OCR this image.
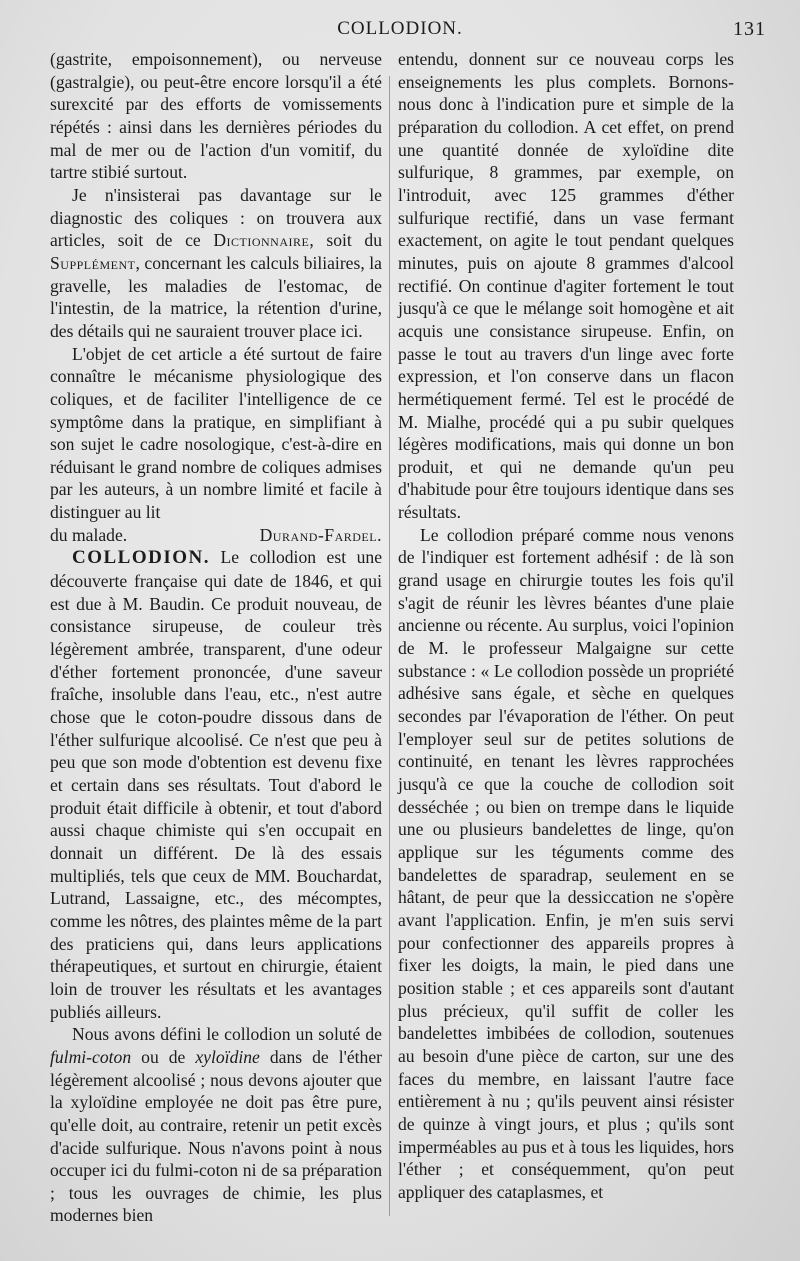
COLLODION.	131

(gastrite, empoisonnement), ou nerveuse (gastralgie), ou peut-être encore lorsqu'il a été surexcité par des efforts de vomissements répétés : ainsi dans les dernières périodes du mal de mer ou de l'action d'un vomitif, du tartre stibié surtout.

Je n'insisterai pas davantage sur le diagnostic des coliques : on trouvera aux articles, soit de ce Dictionnaire, soit du Supplément, concernant les calculs biliaires, la gravelle, les maladies de l'estomac, de l'intestin, de la matrice, la rétention d'urine, des détails qui ne sauraient trouver place ici.

L'objet de cet article a été surtout de faire connaître le mécanisme physiologique des coliques, et de faciliter l'intelligence de ce symptôme dans la pratique, en simplifiant à son sujet le cadre nosologique, c'est-à-dire en réduisant le grand nombre de coliques admises par les auteurs, à un nombre limité et facile à distinguer au lit

du malade.	Durand-Fardel.

COLLODION. Le collodion est une découverte française qui date de 1846, et qui est due à M. Baudin. Ce produit nouveau, de consistance sirupeuse, de couleur très légèrement ambrée, transparent, d'une odeur d'éther fortement prononcée, d'une saveur fraîche, insoluble dans l'eau, etc., n'est autre chose que le coton-poudre dissous dans de l'éther sulfurique alcoolisé. Ce n'est que peu à peu que son mode d'obtention est devenu fixe et certain dans ses résultats. Tout d'abord le produit était difficile à obtenir, et tout d'abord aussi chaque chimiste qui s'en occupait en donnait un différent. De là des essais multipliés, tels que ceux de MM. Bouchardat, Lutrand, Lassaigne, etc., des mécomptes, comme les nôtres, des plaintes même de la part des praticiens qui, dans leurs applications thérapeutiques, et surtout en chirurgie, étaient loin de trouver les résultats et les avantages publiés ailleurs.

Nous avons défini le collodion un soluté de fulmi-coton ou de xyloïdine dans de l'éther légèrement alcoolisé ; nous devons ajouter que la xyloïdine employée ne doit pas être pure, qu'elle doit, au contraire, retenir un petit excès d'acide sulfurique. Nous n'avons point à nous occuper ici du fulmi-coton ni de sa préparation ; tous les ouvrages de chimie, les plus modernes bien

entendu, donnent sur ce nouveau corps les enseignements les plus complets. Bornons-nous donc à l'indication pure et simple de la préparation du collodion. A cet effet, on prend une quantité donnée de xyloïdine dite sulfurique, 8 grammes, par exemple, on l'introduit, avec 125 grammes d'éther sulfurique rectifié, dans un vase fermant exactement, on agite le tout pendant quelques minutes, puis on ajoute 8 grammes d'alcool rectifié. On continue d'agiter fortement le tout jusqu'à ce que le mélange soit homogène et ait acquis une consistance sirupeuse. Enfin, on passe le tout au travers d'un linge avec forte expression, et l'on conserve dans un flacon hermétiquement fermé. Tel est le procédé de M. Mialhe, procédé qui a pu subir quelques légères modifications, mais qui donne un bon produit, et qui ne demande qu'un peu d'habitude pour être toujours identique dans ses résultats.

Le collodion préparé comme nous venons de l'indiquer est fortement adhésif : de là son grand usage en chirurgie toutes les fois qu'il s'agit de réunir les lèvres béantes d'une plaie ancienne ou récente. Au surplus, voici l'opinion de M. le professeur Malgaigne sur cette substance : « Le collodion possède un propriété adhésive sans égale, et sèche en quelques secondes par l'évaporation de l'éther. On peut l'employer seul sur de petites solutions de continuité, en tenant les lèvres rapprochées jusqu'à ce que la couche de collodion soit desséchée ; ou bien on trempe dans le liquide une ou plusieurs bandelettes de linge, qu'on applique sur les téguments comme des bandelettes de sparadrap, seulement en se hâtant, de peur que la dessiccation ne s'opère avant l'application. Enfin, je m'en suis servi pour confectionner des appareils propres à fixer les doigts, la main, le pied dans une position stable ; et ces appareils sont d'autant plus précieux, qu'il suffit de coller les bandelettes imbibées de collodion, soutenues au besoin d'une pièce de carton, sur une des faces du membre, en laissant l'autre face entièrement à nu ; qu'ils peuvent ainsi résister de quinze à vingt jours, et plus ; qu'ils sont imperméables au pus et à tous les liquides, hors l'éther ; et conséquemment, qu'on peut appliquer des cataplasmes, et
